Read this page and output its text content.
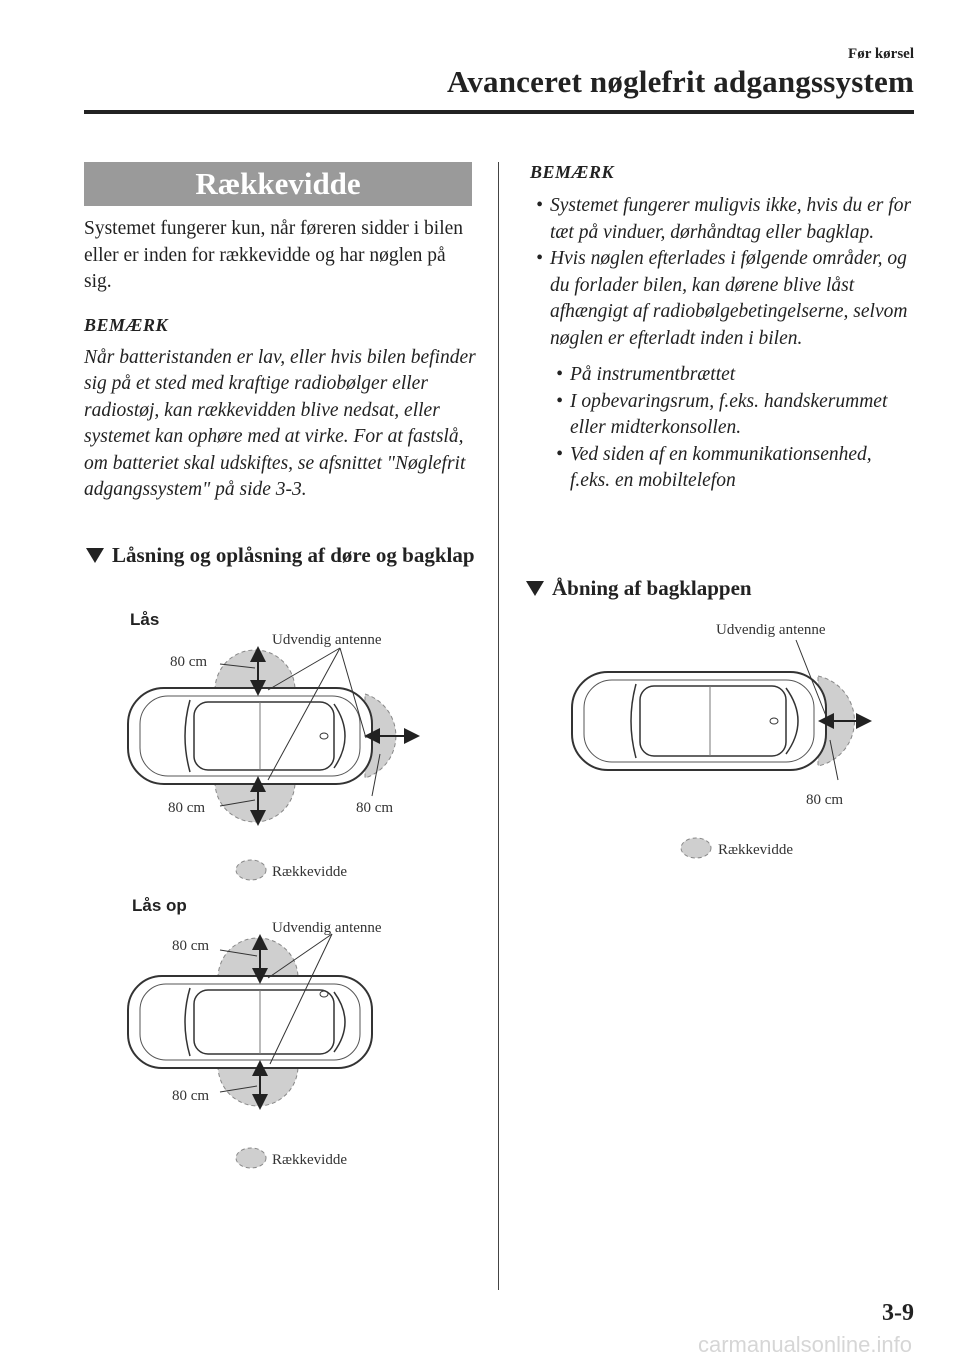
Før kørsel
Avanceret nøglefrit adgangssystem
Rækkevidde
Systemet fungerer kun, når føreren sidder i bilen eller er inden for rækkevidde og har nøglen på sig.
BEMÆRK
Når batteristanden er lav, eller hvis bilen befinder sig på et sted med kraftige radiobølger eller radiostøj, kan rækkevidden blive nedsat, eller systemet kan ophøre med at virke. For at fastslå, om batteriet skal udskiftes, se afsnittet "Nøglefrit adgangssystem" på side 3-3.
Låsning og oplåsning af døre og bagklap
Lås
Udvendig antenne
80 cm
80 cm	80 cm
Rækkevidde
Lås op
Udvendig antenne
80 cm
80 cm
Rækkevidde
BEMÆRK
• Systemet fungerer muligvis ikke, hvis du er for tæt på vinduer, dørhåndtag eller bagklap.
• Hvis nøglen efterlades i følgende områder, og du forlader bilen, kan dørene blive låst afhængigt af radiobølgebetingelserne, selvom nøglen er efterladt inden i bilen.
• På instrumentbrættet
• I opbevaringsrum, f.eks. handskerummet eller midterkonsollen.
• Ved siden af en kommunikationsenhed, f.eks. en mobiltelefon
Åbning af bagklappen
Udvendig antenne
80 cm
Rækkevidde
3-9
carmanualsonline.info
